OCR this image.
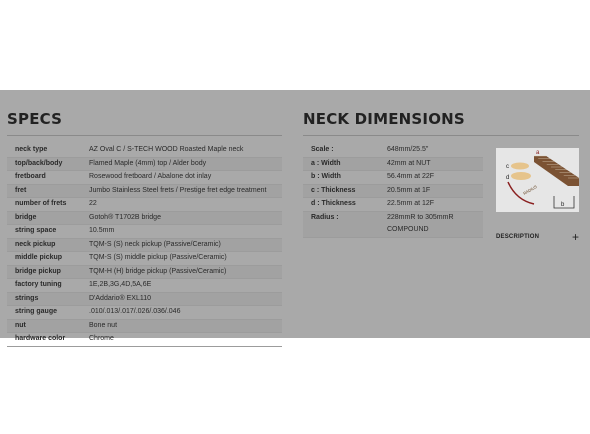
SPECS
neck type	AZ Oval C / S-TECH WOOD Roasted Maple neck
top/back/body	Flamed Maple (4mm) top / Alder body
fretboard	Rosewood fretboard / Abalone dot inlay
fret	Jumbo Stainless Steel frets / Prestige fret edge treatment
number of frets	22
bridge	Gotoh® T1702B bridge
string space	10.5mm
neck pickup	TQM-S (S) neck pickup (Passive/Ceramic)
middle pickup	TQM-S (S) middle pickup (Passive/Ceramic)
bridge pickup	TQM-H (H) bridge pickup (Passive/Ceramic)
factory tuning	1E,2B,3G,4D,5A,6E
strings	D'Addario® EXL110
string gauge	.010/.013/.017/.026/.036/.046
nut	Bone nut
hardware color	Chrome
NECK DIMENSIONS
Scale :	648mm/25.5"
a : Width	42mm at NUT
b : Width	56.4mm at 22F
c : Thickness	20.5mm at 1F
d : Thickness	22.5mm at 12F
Radius :	228mmR to 305mmR
COMPOUND
a
c
d
b
RADIUS
DESCRIPTION	+
